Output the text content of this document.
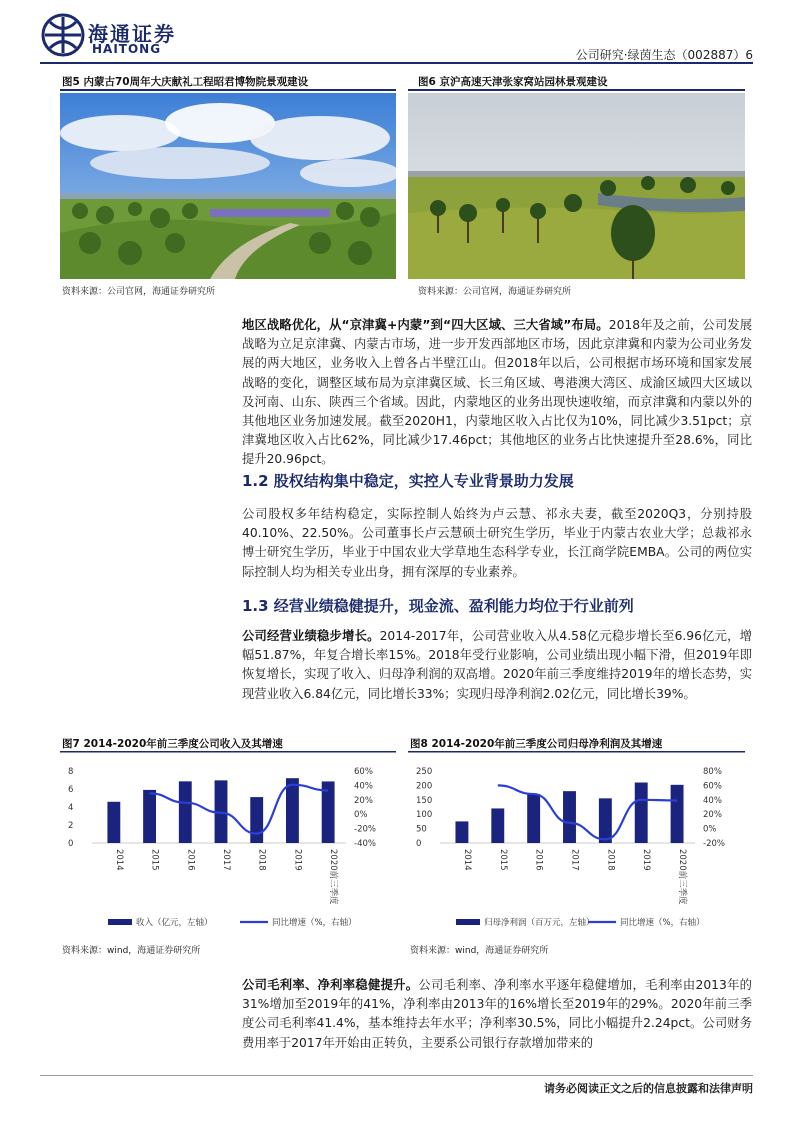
海通证券
HAITONG	公司研究·绿茵生态（002887）6
图5 内蒙古70周年大庆献礼工程昭君博物院景观建设
资料来源：公司官网，海通证券研究所
图6 京沪高速天津张家窝站园林景观建设
资料来源：公司官网，海通证券研究所
地区战略优化，从“京津冀+内蒙”到“四大区域、三大省域”布局。2018年及之前，公司发展战略为立足京津冀、内蒙古市场，进一步开发西部地区市场，因此京津冀和内蒙为公司业务发展的两大地区，业务收入上曾各占半壁江山。但2018年以后，公司根据市场环境和国家发展战略的变化，调整区域布局为京津冀区域、长三角区域、粤港澳大湾区、成渝区域四大区域以及河南、山东、陕西三个省域。因此，内蒙地区的业务出现快速收缩，而京津冀和内蒙以外的其他地区业务加速发展。截至2020H1，内蒙地区收入占比仅为10%，同比减少3.51pct；京津冀地区收入占比62%，同比减少17.46pct；其他地区的业务占比快速提升至28.6%，同比提升20.96pct。
1.2 股权结构集中稳定，实控人专业背景助力发展
公司股权多年结构稳定，实际控制人始终为卢云慧、祁永夫妻，截至2020Q3，分别持股40.10%、22.50%。公司董事长卢云慧硕士研究生学历，毕业于内蒙古农业大学；总裁祁永博士研究生学历，毕业于中国农业大学草地生态科学专业，长江商学院EMBA。公司的两位实际控制人均为相关专业出身，拥有深厚的专业素养。
1.3 经营业绩稳健提升，现金流、盈利能力均位于行业前列
公司经营业绩稳步增长。2014-2017年，公司营业收入从4.58亿元稳步增长至6.96亿元，增幅51.87%，年复合增长率15%。2018年受行业影响，公司业绩出现小幅下滑，但2019年即恢复增长，实现了收入、归母净利润的双高增。2020年前三季度维持2019年的增长态势，实现营业收入6.84亿元，同比增长33%；实现归母净利润2.02亿元，同比增长39%。
图7 2014-2020年前三季度公司收入及其增速
0
2
4
6
8
-40%
-20%
0%
20%
40%
60%
2014	2015	2016	2017	2018	2019	2020前三季度
收入（亿元，左轴）	同比增速（%，右轴）
资料来源：wind，海通证券研究所
图8 2014-2020年前三季度公司归母净利润及其增速
0
50
100
150
200
250
-20%
0%
20%
40%
60%
80%
2014	2015	2016	2017	2018	2019	2020前三季度
归母净利润（百万元，左轴）	同比增速（%，右轴）
资料来源：wind，海通证券研究所
公司毛利率、净利率稳健提升。公司毛利率、净利率水平逐年稳健增加，毛利率由2013年的31%增加至2019年的41%，净利率由2013年的16%增长至2019年的29%。2020年前三季度公司毛利率41.4%，基本维持去年水平；净利率30.5%，同比小幅提升2.24pct。公司财务费用率于2017年开始由正转负，主要系公司银行存款增加带来的
请务必阅读正文之后的信息披露和法律声明
